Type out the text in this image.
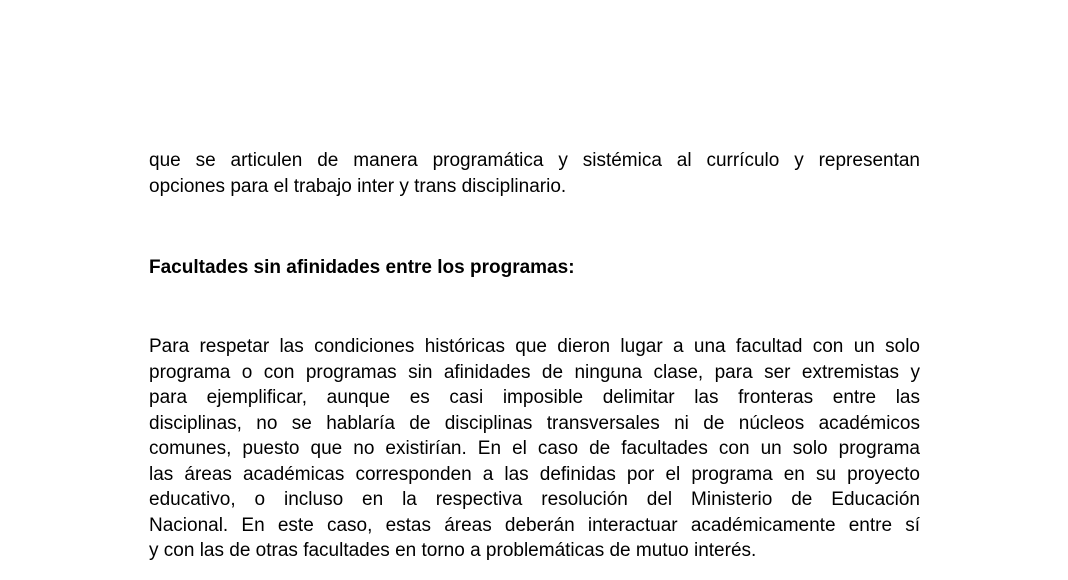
que se articulen de manera programática y sistémica al currículo y representan
opciones para el trabajo inter y trans disciplinario.
Facultades sin afinidades entre los programas:
Para respetar las condiciones históricas que dieron lugar a una facultad con un solo
programa o con programas sin afinidades de ninguna clase, para ser extremistas y
para ejemplificar, aunque es casi imposible delimitar las fronteras entre las
disciplinas, no se hablaría de disciplinas transversales ni de núcleos académicos
comunes, puesto que no existirían. En el caso de facultades con un solo programa
las áreas académicas corresponden a las definidas por el programa en su proyecto
educativo, o incluso en la respectiva resolución del Ministerio de Educación
Nacional. En este caso, estas áreas deberán interactuar académicamente entre sí
y con las de otras facultades en torno a problemáticas de mutuo interés.
